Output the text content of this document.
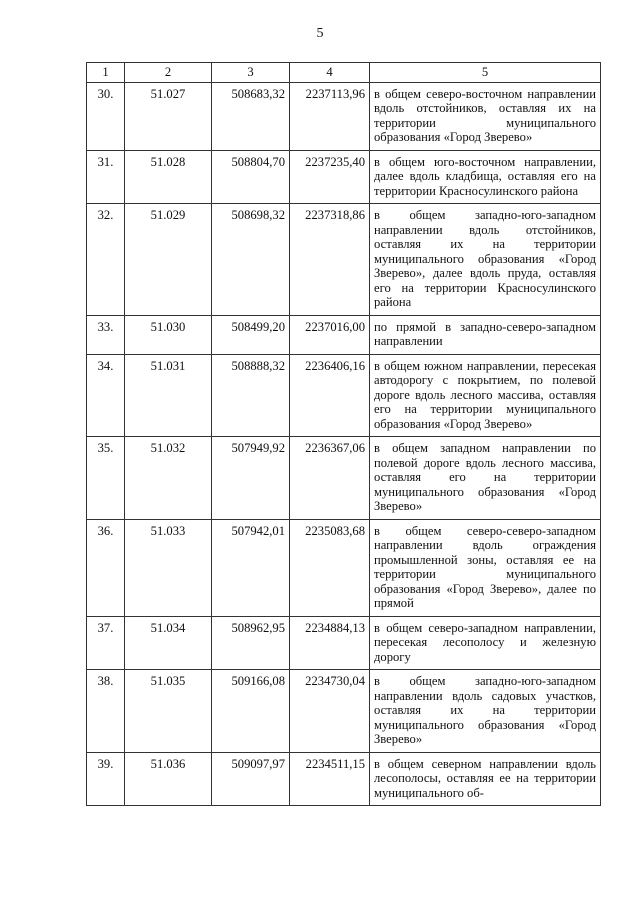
5
1	2	3	4	5
30.	51.027	508683,32	2237113,96	в общем северо-восточном направлении вдоль отстойников, оставляя их на территории муниципального образования «Город Зверево»
31.	51.028	508804,70	2237235,40	в общем юго-восточном направлении, далее вдоль кладбища, оставляя его на территории Красносулинского района
32.	51.029	508698,32	2237318,86	в общем западно-юго-западном направлении вдоль отстойников, оставляя их на территории муниципального образования «Город Зверево», далее вдоль пруда, оставляя его на территории Красносулинского района
33.	51.030	508499,20	2237016,00	по прямой в западно-северо-западном направлении
34.	51.031	508888,32	2236406,16	в общем южном направлении, пересекая автодорогу с покрытием, по полевой дороге вдоль лесного массива, оставляя его на территории муниципального образования «Город Зверево»
35.	51.032	507949,92	2236367,06	в общем западном направлении по полевой дороге вдоль лесного массива, оставляя его на территории муниципального образования «Город Зверево»
36.	51.033	507942,01	2235083,68	в общем северо-северо-западном направлении вдоль ограждения промышленной зоны, оставляя ее на территории муниципального образования «Город Зверево», далее по прямой
37.	51.034	508962,95	2234884,13	в общем северо-западном направлении, пересекая лесополосу и железную дорогу
38.	51.035	509166,08	2234730,04	в общем западно-юго-западном направлении вдоль садовых участков, оставляя их на территории муниципального образования «Город Зверево»
39.	51.036	509097,97	2234511,15	в общем северном направлении вдоль лесополосы, оставляя ее на территории муниципального об-
